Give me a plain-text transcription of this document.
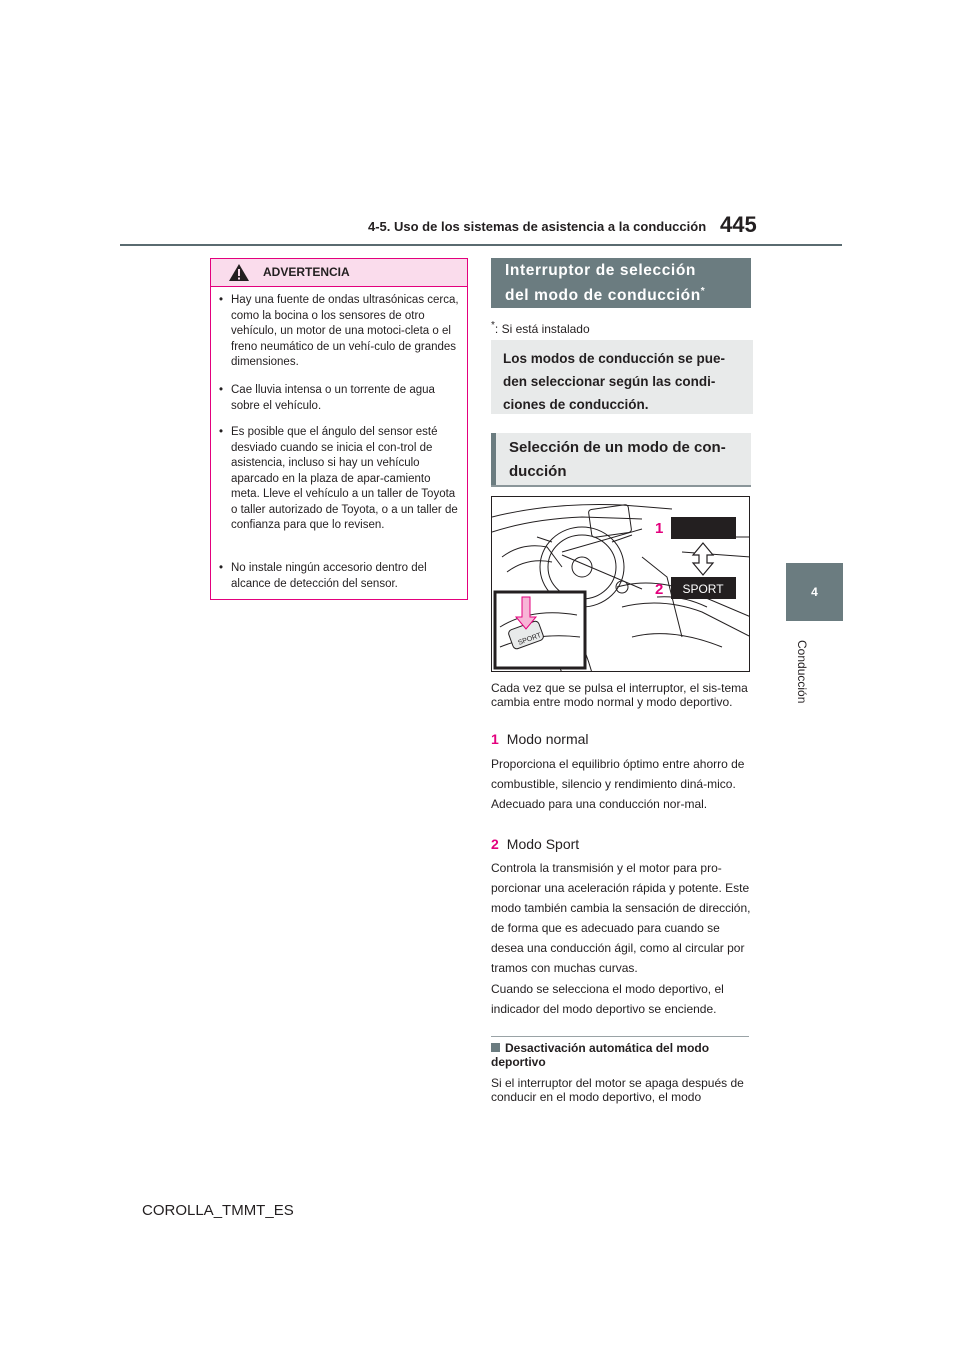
4-5. Uso de los sistemas de asistencia a la conducción 445
4
Conducción
ADVERTENCIA
• Hay una fuente de ondas ultrasónicas cerca, como la bocina o los sensores de otro vehículo, un motor de una motoci-cleta o el freno neumático de un vehí-culo de grandes dimensiones.
• Cae lluvia intensa o un torrente de agua sobre el vehículo.
• Es posible que el ángulo del sensor esté desviado cuando se inicia el con-trol de asistencia, incluso si hay un vehículo aparcado en la plaza de apar-camiento meta. Lleve el vehículo a un taller de Toyota o taller autorizado de Toyota, o a un taller de confianza para que lo revisen.
• No instale ningún accesorio dentro del alcance de detección del sensor.
Interruptor de selección
del modo de conducción*
*: Si está instalado
Los modos de conducción se pue-
den seleccionar según las condi-
ciones de conducción.
Selección de un modo de con-
ducción
SPORT
SPORT
1
2
Cada vez que se pulsa el interruptor, el sis-tema cambia entre modo normal y modo deportivo.
1 Modo normal
Proporciona el equilibrio óptimo entre ahorro de combustible, silencio y rendimiento diná-mico. Adecuado para una conducción nor-mal.
2 Modo Sport
Controla la transmisión y el motor para pro-porcionar una aceleración rápida y potente. Este modo también cambia la sensación de dirección, de forma que es adecuado para cuando se desea una conducción ágil, como al circular por tramos con muchas curvas.
Cuando se selecciona el modo deportivo, el indicador del modo deportivo se enciende.
Desactivación automática del modo deportivo
Si el interruptor del motor se apaga después de conducir en el modo deportivo, el modo
COROLLA_TMMT_ES
